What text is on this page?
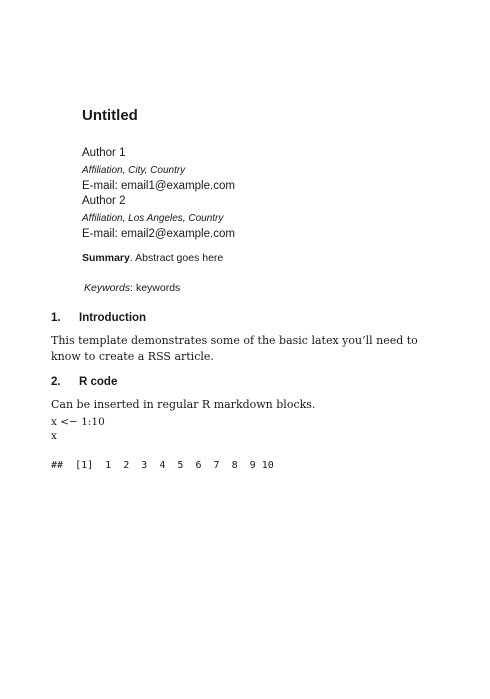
Untitled
Author 1
Affiliation, City, Country
E-mail: email1@example.com
Author 2
Affiliation, Los Angeles, Country
E-mail: email2@example.com
Summary. Abstract goes here
Keywords: keywords
1. Introduction
This template demonstrates some of the basic latex you’ll need to know to create a RSS article.
2. R code
Can be inserted in regular R markdown blocks.
x <− 1:10
x
##  [1]  1  2  3  4  5  6  7  8  9 10
